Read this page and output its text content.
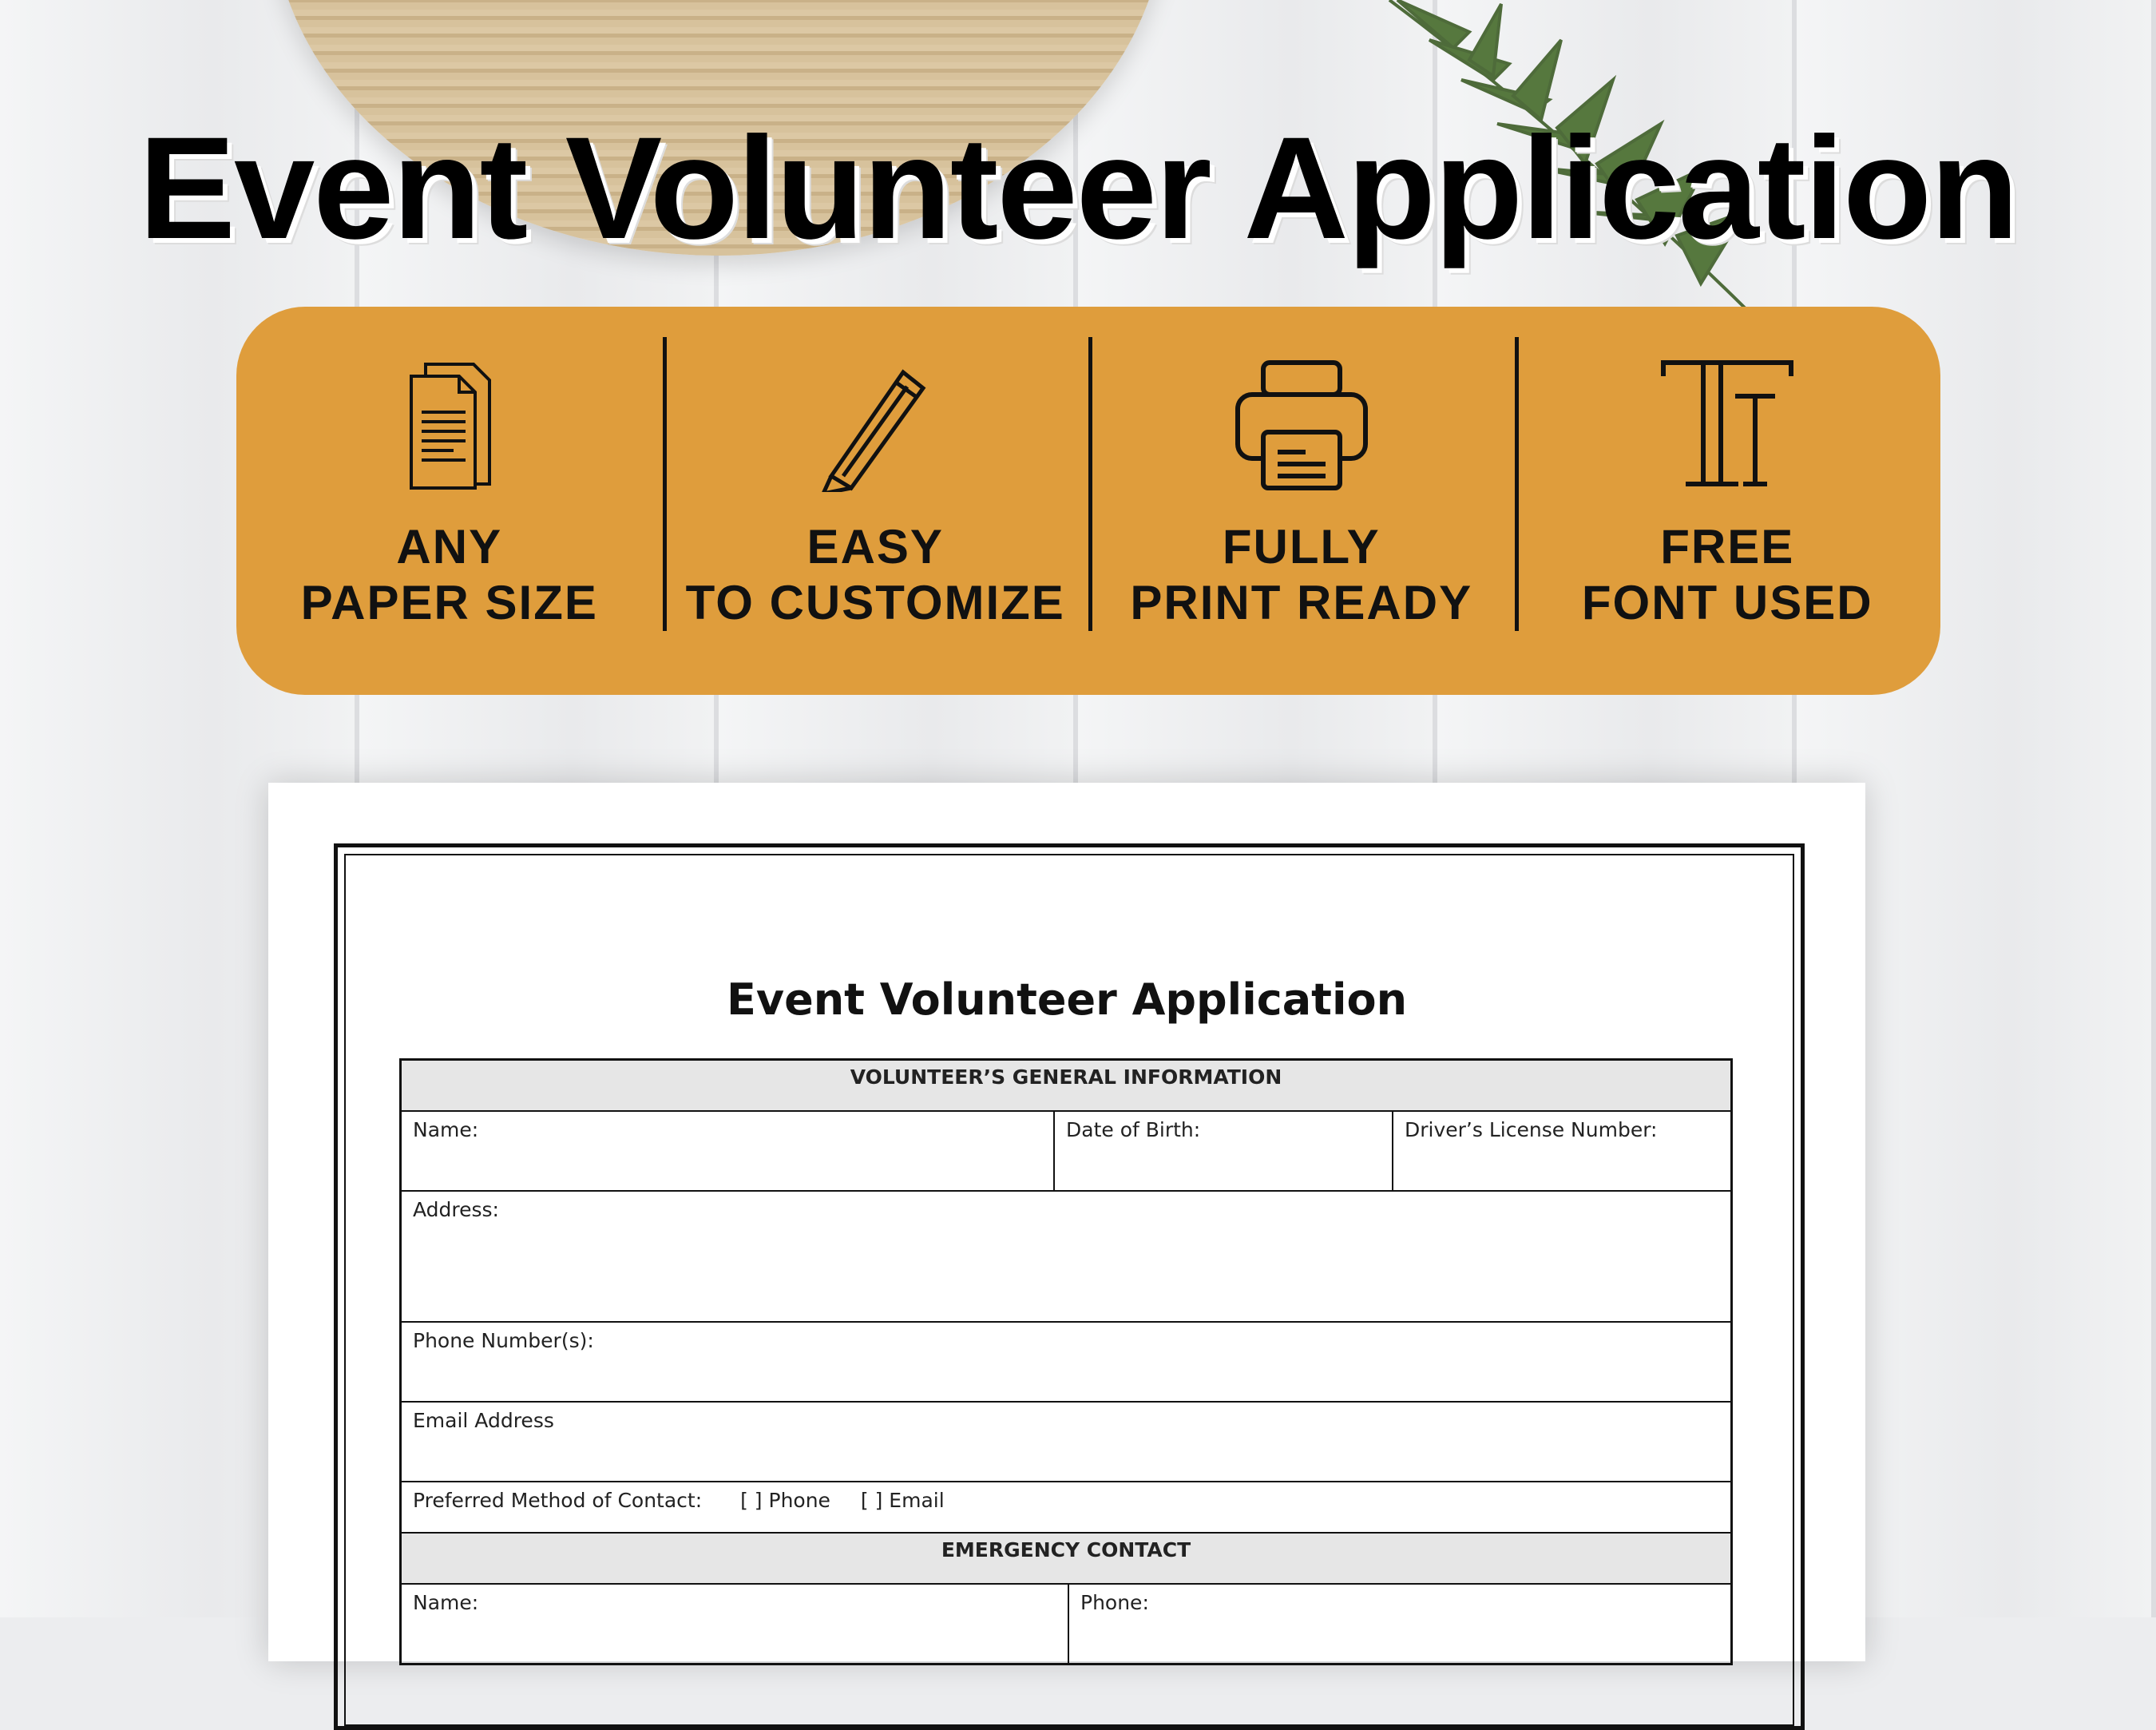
Event Volunteer Application
ANY
PAPER SIZE
EASY
TO CUSTOMIZE
FULLY
PRINT READY
FREE
FONT USED
Event Volunteer Application
VOLUNTEER’S GENERAL INFORMATION
Name:	Date of Birth:	Driver’s License Number:
Address:
Phone Number(s):
Email Address
Preferred Method of Contact: [ ] Phone [ ] Email
EMERGENCY CONTACT
Name:	Phone:
